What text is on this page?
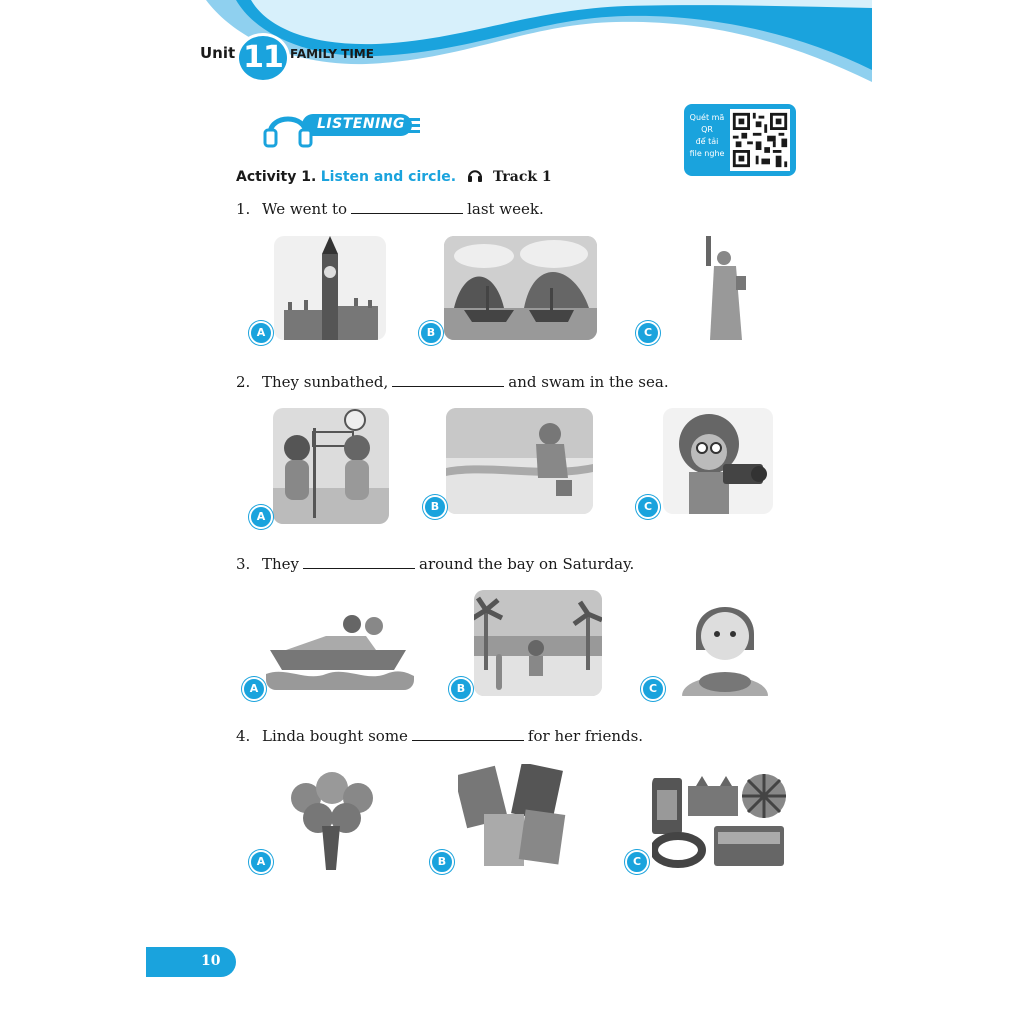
Unit 11 FAMILY TIME
LISTENING	Quét mã
QR
để tải
file nghe
Activity 1. Listen and circle.	Track 1
1. We went to	last week.
A	B	C
2. They sunbathed,	and swam in the sea.
A
B	C
3. They	around the bay on Saturday.
A	B	C
4. Linda bought some	for her friends.
A	B	C
10
